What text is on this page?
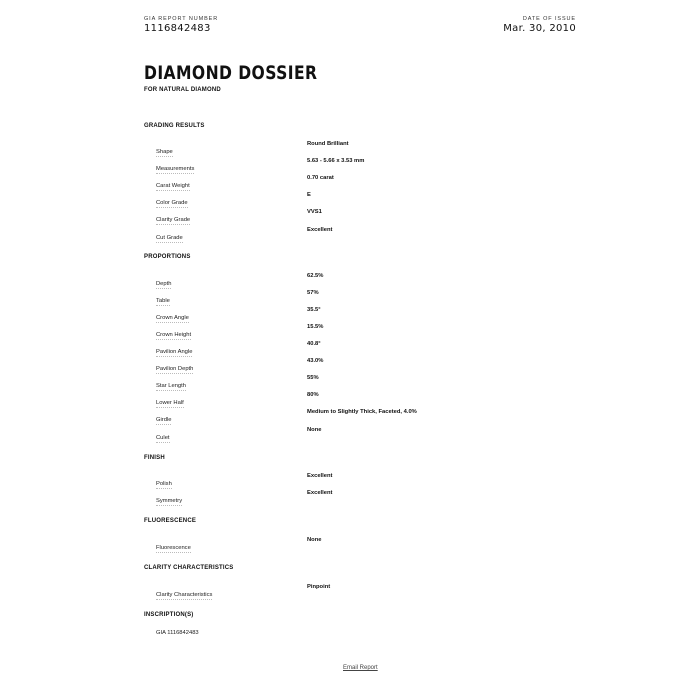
GIA REPORT NUMBER
1116842483
DATE OF ISSUE
Mar. 30, 2010
DIAMOND DOSSIER
FOR NATURAL DIAMOND
GRADING RESULTS
Shape
Round Brilliant
Measurements
5.63 - 5.66 x 3.53 mm
Carat Weight
0.70 carat
Color Grade
E
Clarity Grade
VVS1
Cut Grade
Excellent
PROPORTIONS
Depth
62.5%
Table
57%
Crown Angle
35.5°
Crown Height
15.5%
Pavilion Angle
40.8°
Pavilion Depth
43.0%
Star Length
55%
Lower Half
80%
Girdle
Medium to Slightly Thick, Faceted, 4.0%
Culet
None
FINISH
Polish
Excellent
Symmetry
Excellent
FLUORESCENCE
Fluorescence
None
CLARITY CHARACTERISTICS
Clarity Characteristics
Pinpoint
INSCRIPTION(S)
GIA 1116842483
Email Report
